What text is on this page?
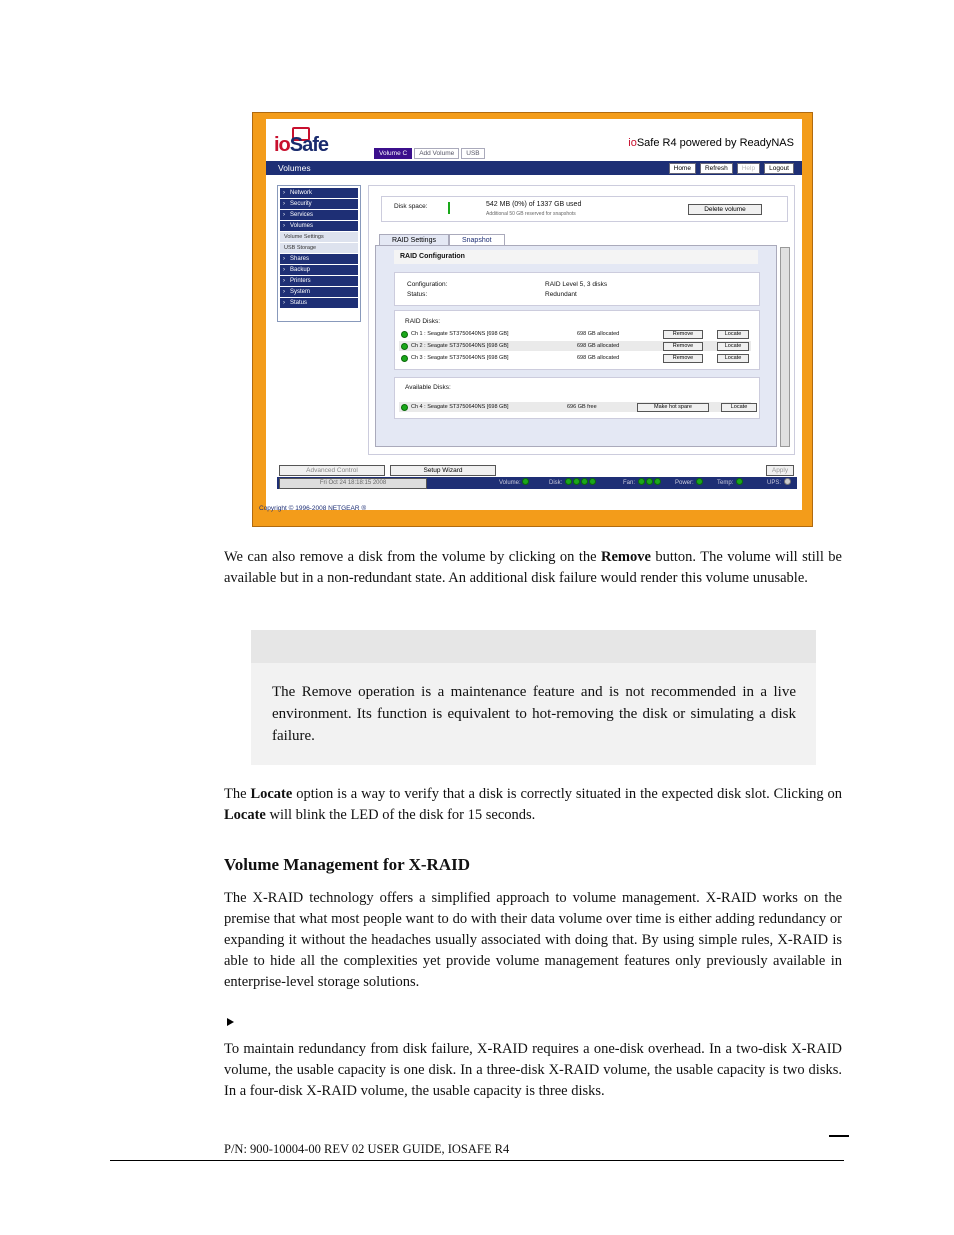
ioSafe	ioSafe R4 powered by ReadyNAS
Volume C	Add Volume	USB
Volumes	Home	Refresh	Help	Logout
› Network
› Security
› Services
› Volumes
Volume Settings
USB Storage
› Shares
› Backup
› Printers
› System
› Status
Disk space:	542 MB (0%) of 1337 GB used
Additional 50 GB reserved for snapshots
Delete volume
RAID Settings	Snapshot
RAID Configuration
Configuration:	RAID Level 5, 3 disks
Status:	Redundant
RAID Disks:
Ch 1 : Seagate ST3750640NS [698 GB]	698 GB allocated	Remove	Locate
Ch 2 : Seagate ST3750640NS [698 GB]	698 GB allocated	Remove	Locate
Ch 3 : Seagate ST3750640NS [698 GB]	698 GB allocated	Remove	Locate
Available Disks:
Ch 4 : Seagate ST3750640NS [698 GB]	696 GB free	Make hot spare	Locate
Advanced Control	Setup Wizard	Apply
Fri Oct 24 18:18:15 2008	Volume:	Disk:	Fan:	Power:	Temp:	UPS:
Copyright © 1996-2008 NETGEAR ®
We can also remove a disk from the volume by clicking on the Remove button. The volume will still be available but in a non-redundant state. An additional disk failure would render this volume unusable.
The Remove operation is a maintenance feature and is not recommended in a live environment. Its function is equivalent to hot-removing the disk or simulating a disk failure.
The Locate option is a way to verify that a disk is correctly situated in the expected disk slot. Clicking on Locate will blink the LED of the disk for 15 seconds.
Volume Management for X-RAID
The X-RAID technology offers a simplified approach to volume management. X-RAID works on the premise that what most people want to do with their data volume over time is either adding redundancy or expanding it without the headaches usually associated with doing that. By using simple rules, X-RAID is able to hide all the complexities yet provide volume management features only previously available in enterprise-level storage solutions.
To maintain redundancy from disk failure, X-RAID requires a one-disk overhead. In a two-disk X-RAID volume, the usable capacity is one disk. In a three-disk X-RAID volume, the usable capacity is two disks. In a four-disk X-RAID volume, the usable capacity is three disks.
P/N: 900-10004-00 REV 02 USER GUIDE, IOSAFE R4
